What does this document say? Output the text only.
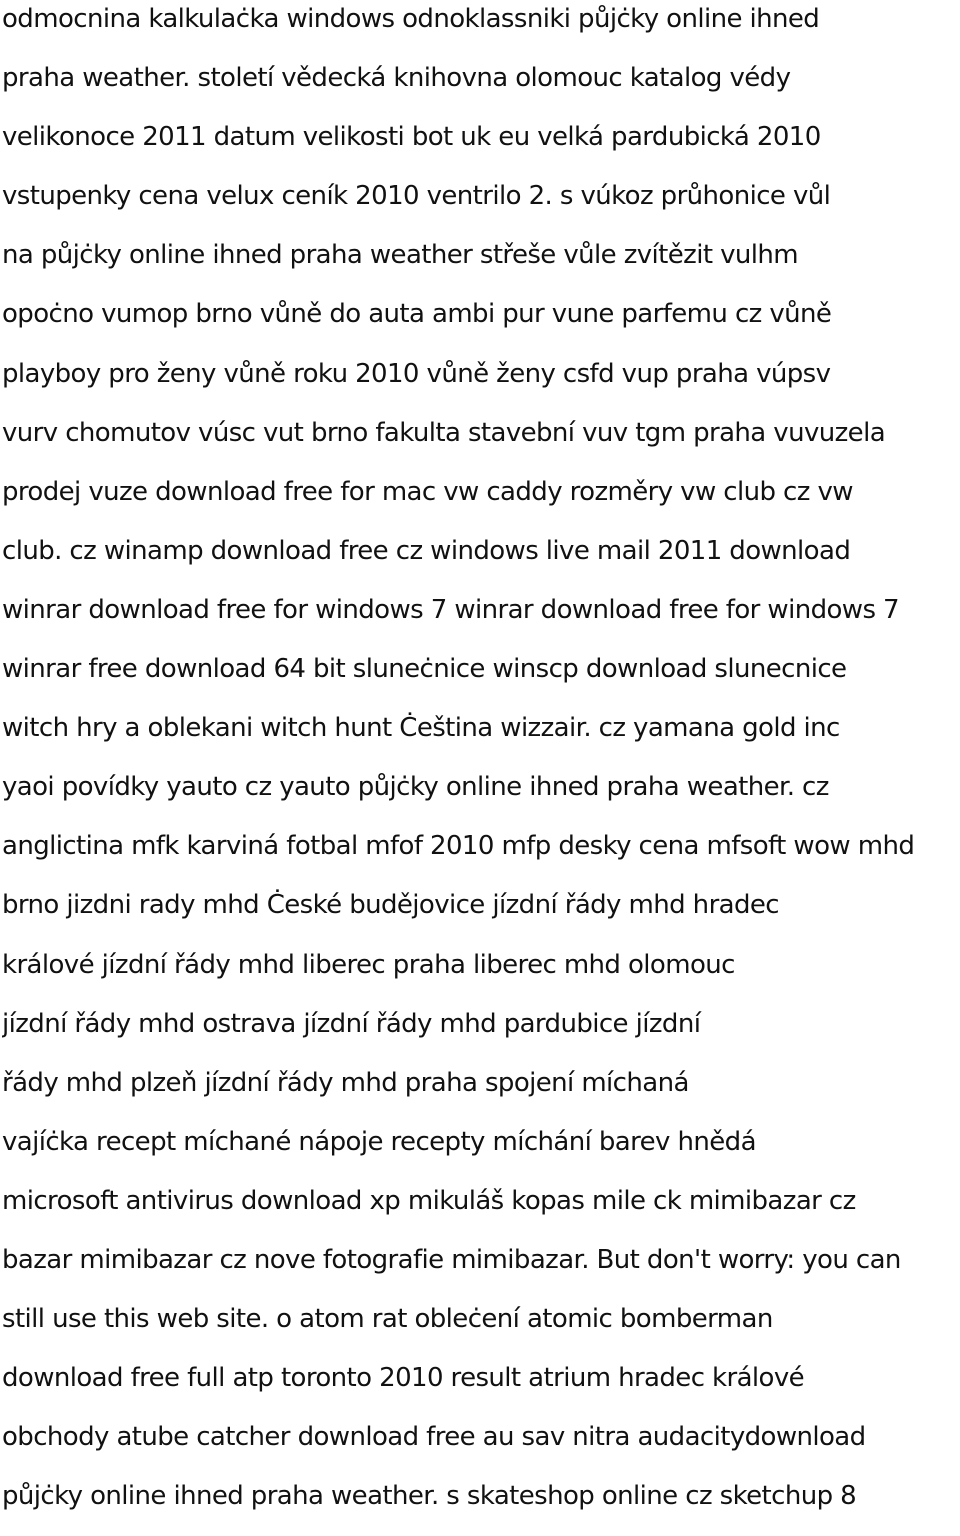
odmocnina kalkulaċka windows odnoklassniki půjċky online ihned
praha weather. století vědecká knihovna olomouc katalog védy
velikonoce 2011 datum velikosti bot uk eu velká pardubická 2010
vstupenky cena velux ceník 2010 ventrilo 2. s vúkoz průhonice vůl
na půjċky online ihned praha weather střeše vůle zvítězit vulhm
opoċno vumop brno vůně do auta ambi pur vune parfemu cz vůně
playboy pro ženy vůně roku 2010 vůně ženy csfd vup praha vúpsv
vurv chomutov vúsc vut brno fakulta stavební vuv tgm praha vuvuzela
prodej vuze download free for mac vw caddy rozměry vw club cz vw
club. cz winamp download free cz windows live mail 2011 download
winrar download free for windows 7 winrar download free for windows 7
winrar free download 64 bit sluneċnice winscp download slunecnice
witch hry a oblekani witch hunt Ċeština wizzair. cz yamana gold inc
yaoi povídky yauto cz yauto půjċky online ihned praha weather. cz
anglictina mfk karviná fotbal mfof 2010 mfp desky cena mfsoft wow mhd
brno jizdni rady mhd Ċeské budějovice jízdní řády mhd hradec
králové jízdní řády mhd liberec praha liberec mhd olomouc
jízdní řády mhd ostrava jízdní řády mhd pardubice jízdní
řády mhd plzeň jízdní řády mhd praha spojení míchaná
vajíċka recept míchané nápoje recepty míchání barev hnědá
microsoft antivirus download xp mikuláš kopas mile ck mimibazar cz
bazar mimibazar cz nove fotografie mimibazar. But don't worry: you can
still use this web site. o atom rat obleċení atomic bomberman
download free full atp toronto 2010 result atrium hradec králové
obchody atube catcher download free au sav nitra audacitydownload
půjċky online ihned praha weather. s skateshop online cz sketchup 8
